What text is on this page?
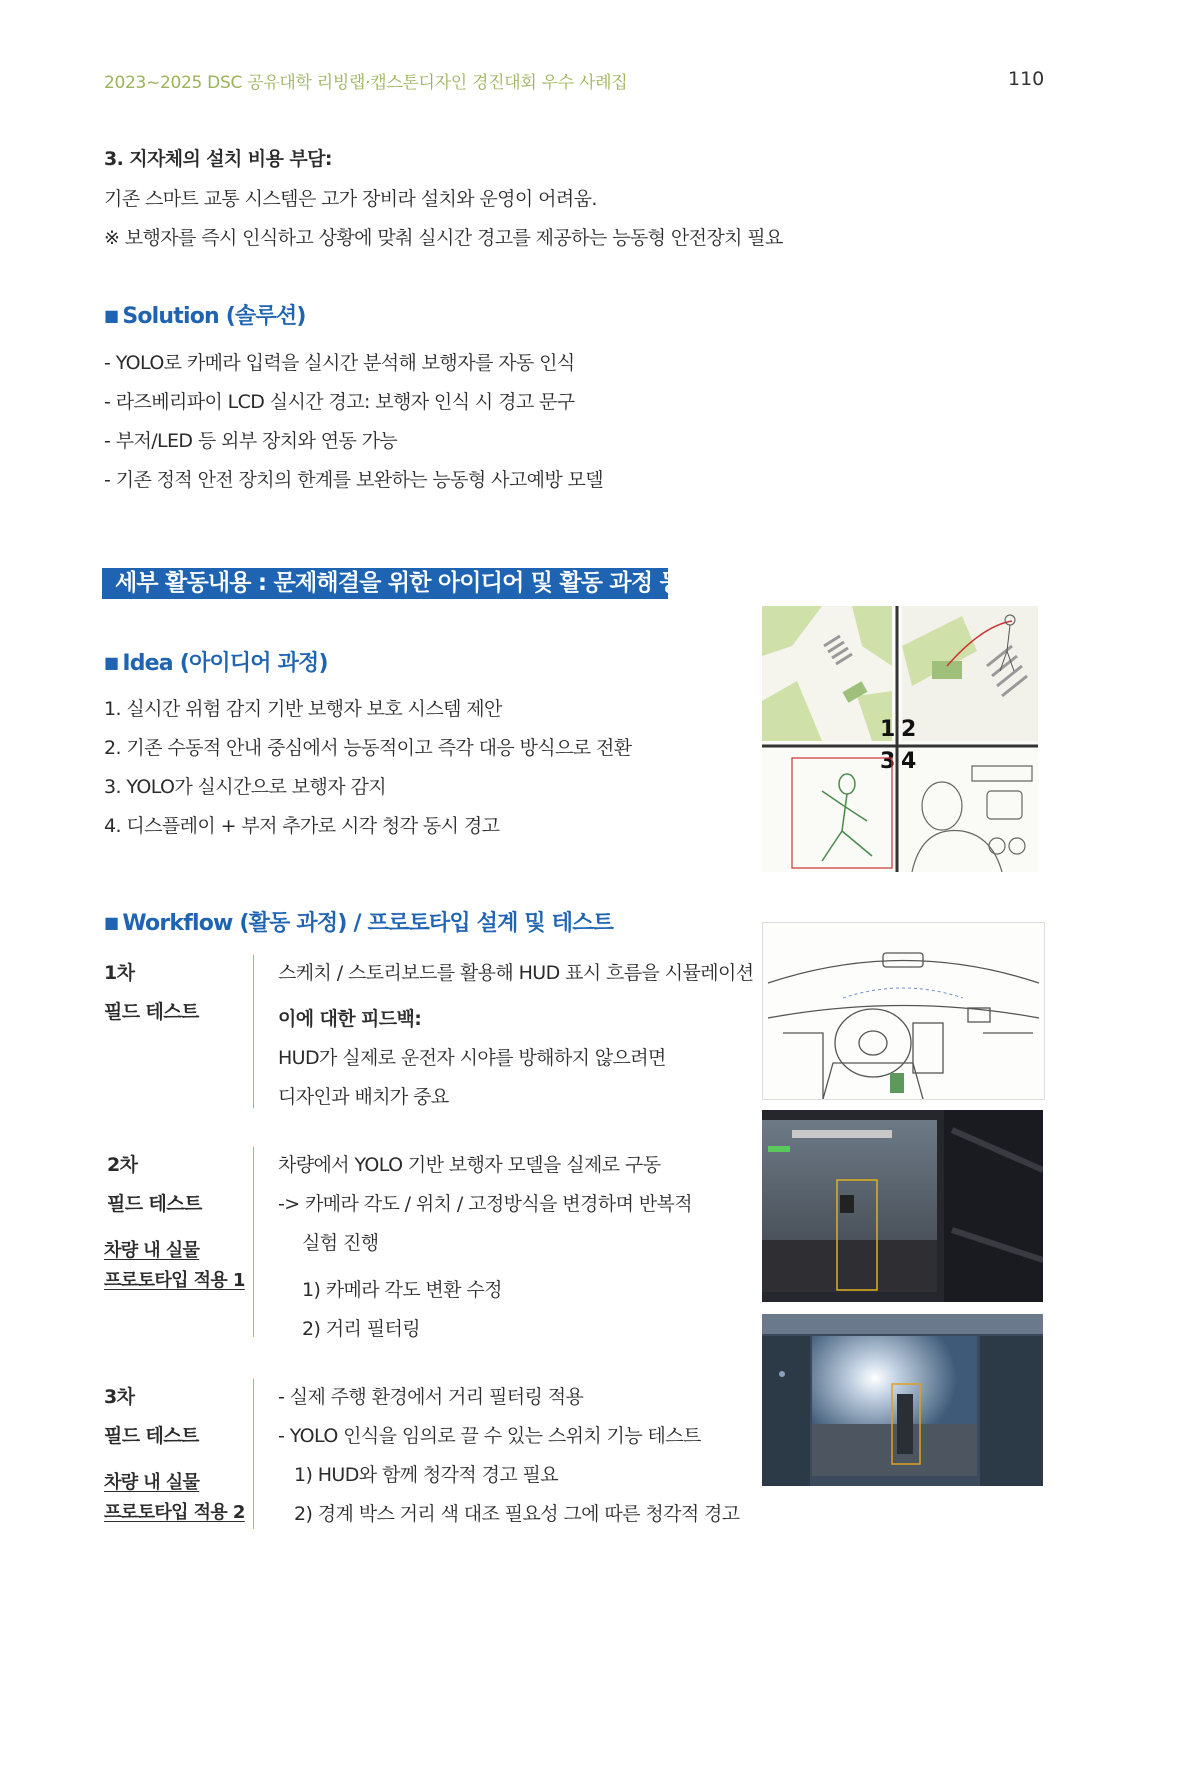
2023~2025 DSC 공유대학 리빙랩·캡스톤디자인 경진대회 우수 사례집	110
3. 지자체의 설치 비용 부담:
기존 스마트 교통 시스템은 고가 장비라 설치와 운영이 어려움.
※ 보행자를 즉시 인식하고 상황에 맞춰 실시간 경고를 제공하는 능동형 안전장치 필요
■ Solution (솔루션)
- YOLO로 카메라 입력을 실시간 분석해 보행자를 자동 인식
- 라즈베리파이 LCD 실시간 경고: 보행자 인식 시 경고 문구
- 부저/LED 등 외부 장치와 연동 가능
- 기존 정적 안전 장치의 한계를 보완하는 능동형 사고예방 모델
세부 활동내용 : 문제해결을 위한 아이디어 및 활동 과정 등
■ Idea (아이디어 과정)
1. 실시간 위험 감지 기반 보행자 보호 시스템 제안
2. 기존 수동적 안내 중심에서 능동적이고 즉각 대응 방식으로 전환
3. YOLO가 실시간으로 보행자 감지
4. 디스플레이 + 부저 추가로 시각 청각 동시 경고
1 2
3 4
■ Workflow (활동 과정) / 프로토타입 설계 및 테스트
1차
필드 테스트
스케치 / 스토리보드를 활용해 HUD 표시 흐름을 시뮬레이션
이에 대한 피드백:
HUD가 실제로 운전자 시야를 방해하지 않으려면
디자인과 배치가 중요
2차
필드 테스트
차량 내 실물
프로토타입 적용 1
차량에서 YOLO 기반 보행자 모델을 실제로 구동
-> 카메라 각도 / 위치 / 고정방식을 변경하며 반복적
실험 진행
1) 카메라 각도 변환 수정
2) 거리 필터링
3차
필드 테스트
차량 내 실물
프로토타입 적용 2
- 실제 주행 환경에서 거리 필터링 적용
- YOLO 인식을 임의로 끌 수 있는 스위치 기능 테스트
1) HUD와 함께 청각적 경고 필요
2) 경계 박스 거리 색 대조 필요성 그에 따른 청각적 경고
